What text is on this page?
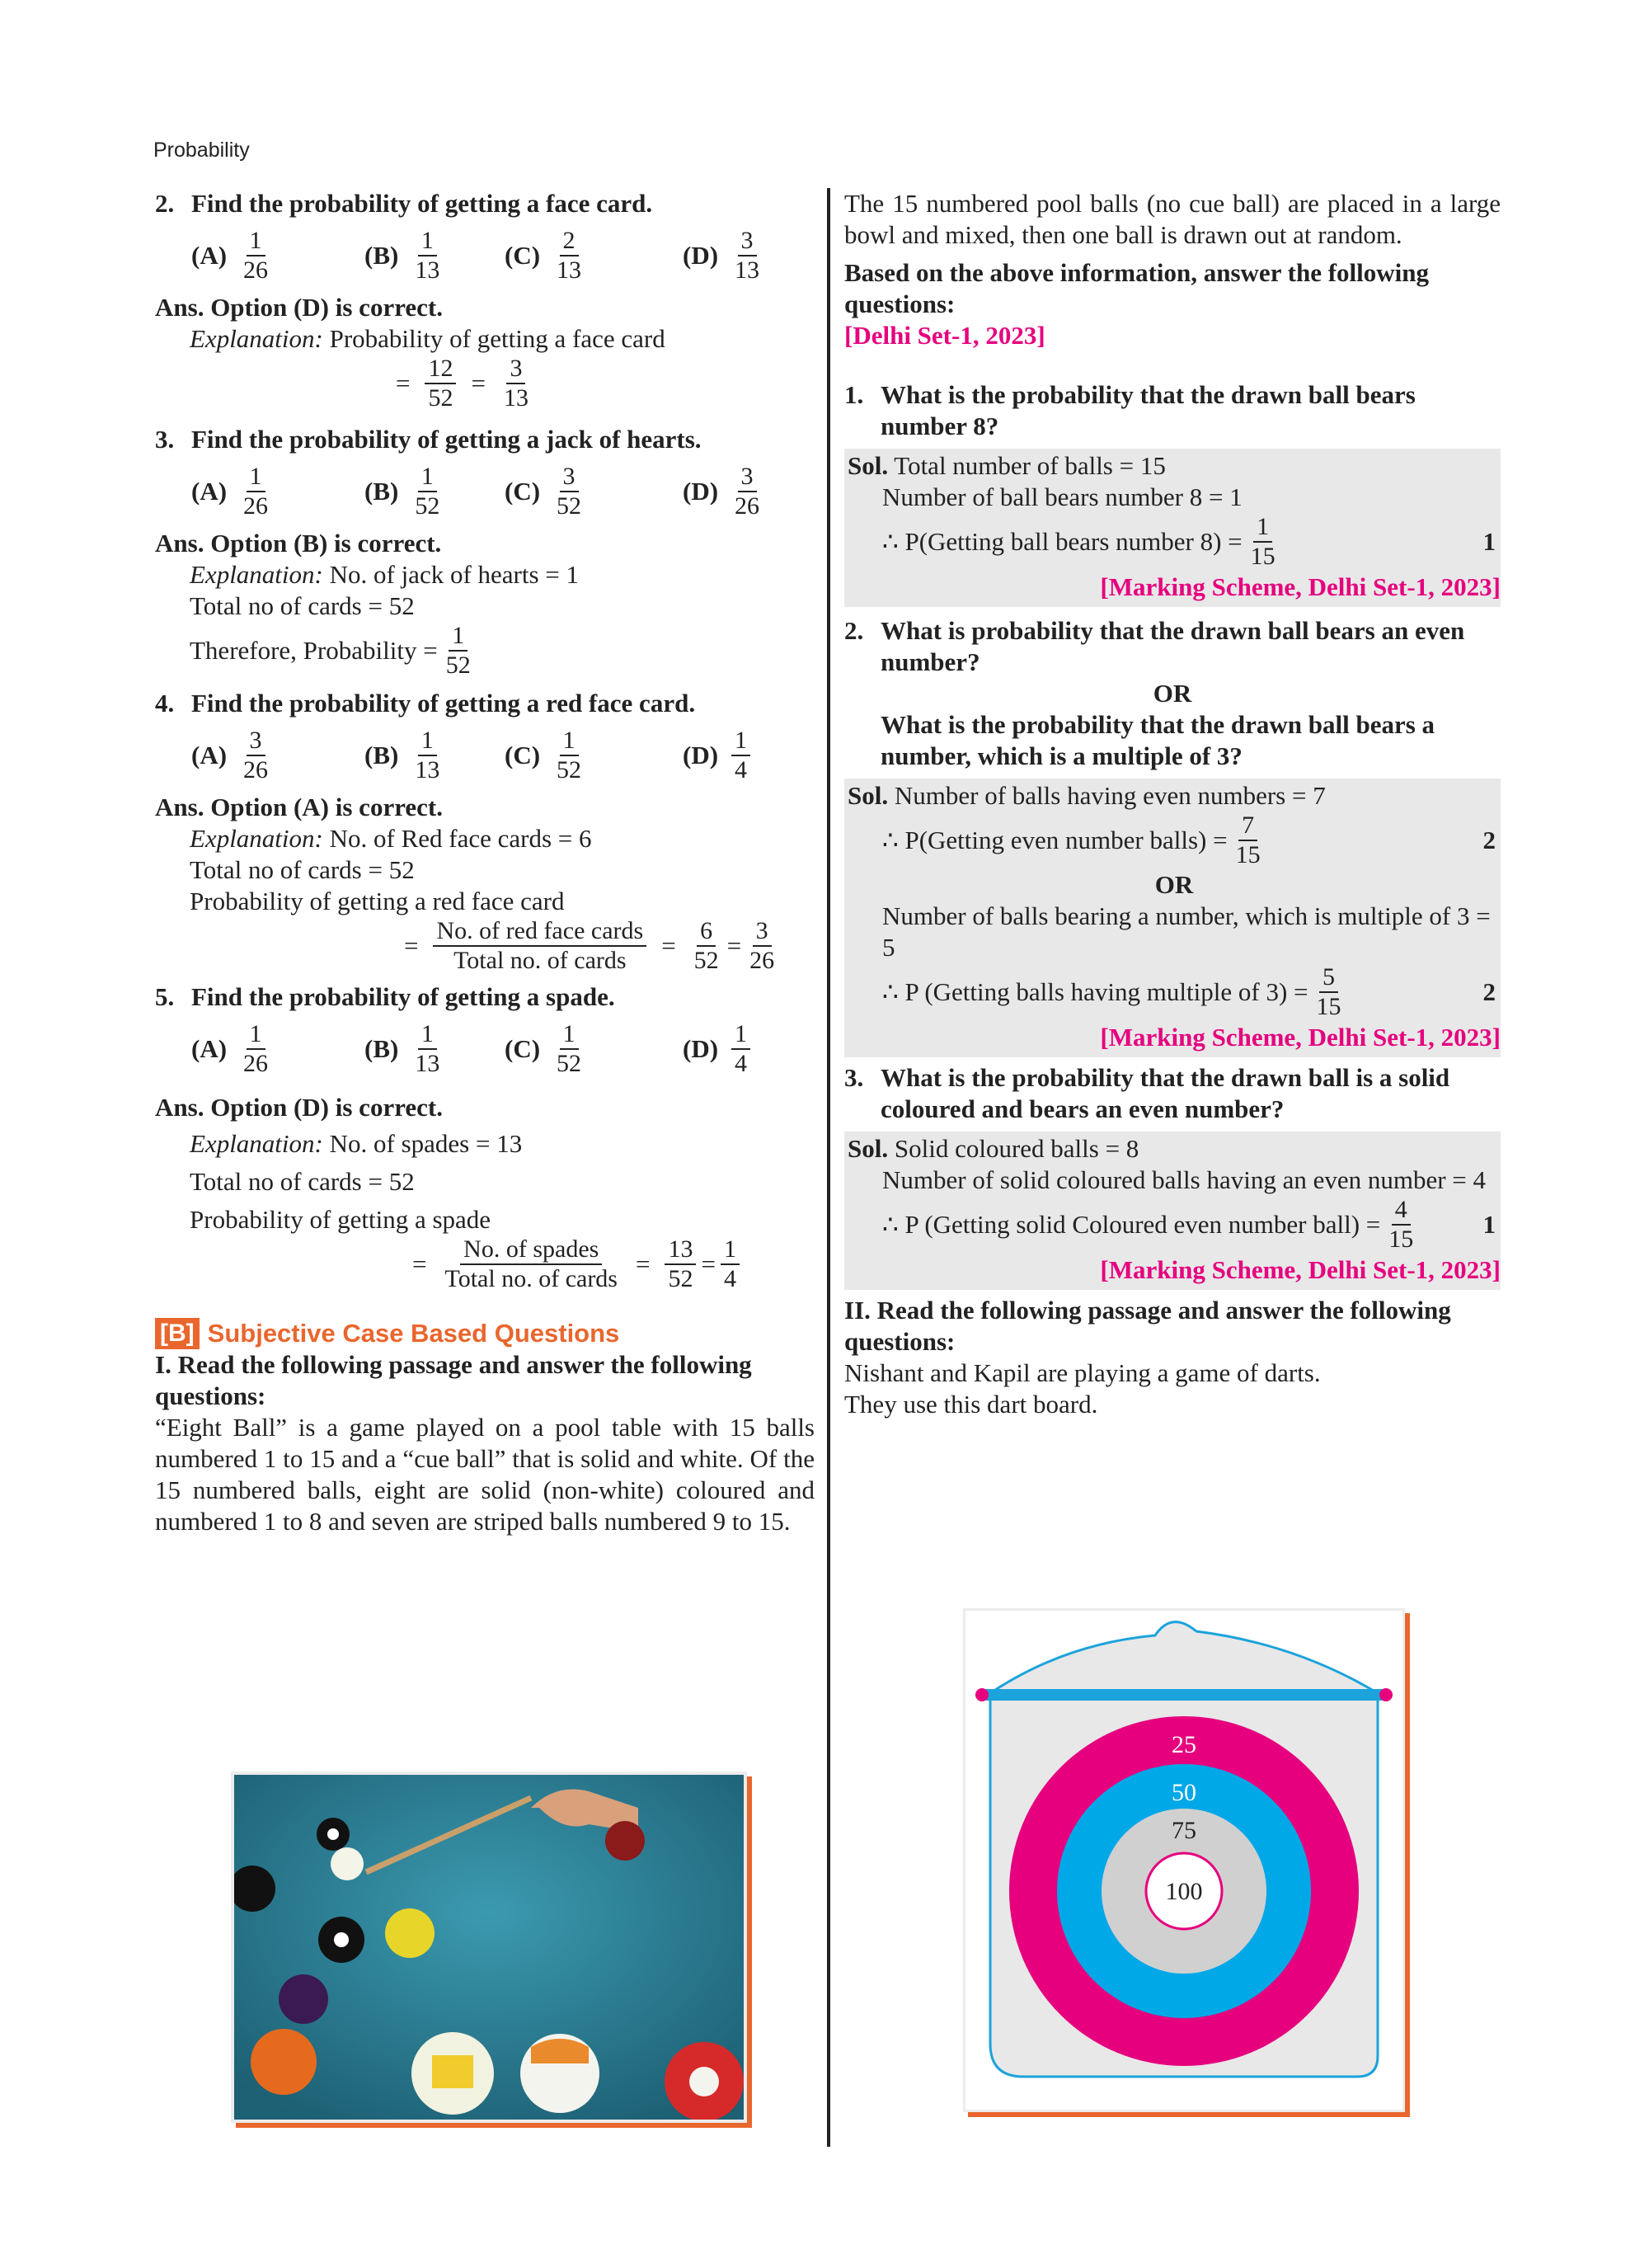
Probability
2. Find the probability of getting a face card.
$(A) \frac{1}{26}$	$(B) \frac{1}{13} (C) \frac{2}{13}$	$(D) \frac{3}{13}$
Ans. Option (D) is correct.
Explanation: Probability of getting a face card
= $\frac{12}{52} = \frac{3}{13}$
3. Find the probability of getting a jack of hearts.
$(A) \frac{1}{26}$	$(B) \frac{1}{52} (C) \frac{3}{52}$	$(D) \frac{3}{26}$
Ans. Option (B) is correct.
Explanation: No. of jack of hearts = 1
Total no of cards = 52
Therefore, Probability = $\frac{1}{52}$
4. Find the probability of getting a red face card.
$(A) \frac{3}{26}$	$(B) \frac{1}{13} (C) \frac{1}{52}$	$(D) \frac{1}{4}$
Ans. Option (A) is correct.
Explanation: No. of Red face cards = 6
Total no of cards = 52
Probability of getting a red face card
= $\frac{\text{No. of red face cards}}{\text{Total no. of cards}} = \frac{6}{52} = \frac{3}{26}$
5. Find the probability of getting a spade.
$(A) \frac{1}{26}$	$(B) \frac{1}{13} (C) \frac{1}{52}$	$(D) \frac{1}{4}$
Ans. Option (D) is correct.
Explanation: No. of spades = 13
Total no of cards = 52
Probability of getting a spade
= $\frac{\text{No. of spades}}{\text{Total no. of cards}} = \frac{13}{52} = \frac{1}{4}$
[B] Subjective Case Based Questions
I. Read the following passage and answer the following questions:
“Eight Ball” is a game played on a pool table with 15 balls numbered 1 to 15 and a “cue ball” that is solid and white. Of the 15 numbered balls, eight are solid (non-white) coloured and numbered 1 to 8 and seven are striped balls numbered 9 to 15.
The 15 numbered pool balls (no cue ball) are placed in a large bowl and mixed, then one ball is drawn out at random.
Based on the above information, answer the following questions:
[Delhi Set-1, 2023]
1. What is the probability that the drawn ball bears number 8?
Sol. Total number of balls = 15
Number of ball bears number 8 = 1
∴ P(Getting ball bears number $8) = \frac{1}{15}$	1
[Marking Scheme, Delhi Set-1, 2023]
2. What is probability that the drawn ball bears an even number?
OR
What is the probability that the drawn ball bears a number, which is a multiple of 3?
Sol. Number of balls having even numbers = 7
∴ P(Getting even number balls) = $\frac{7}{15}$	2
OR
Number of balls bearing a number, which is multiple of 3 = 5
∴ P (Getting balls having multiple of $3) = \frac{5}{15}$	2
[Marking Scheme, Delhi Set-1, 2023]
3. What is the probability that the drawn ball is a solid coloured and bears an even number?
Sol. Solid coloured balls = 8
Number of solid coloured balls having an even number = 4
∴ P (Getting solid Coloured even number ball) = $\frac{4}{15}$	1
[Marking Scheme, Delhi Set-1, 2023]
II. Read the following passage and answer the following questions:
Nishant and Kapil are playing a game of darts.
They use this dart board.
25
50
75
100
